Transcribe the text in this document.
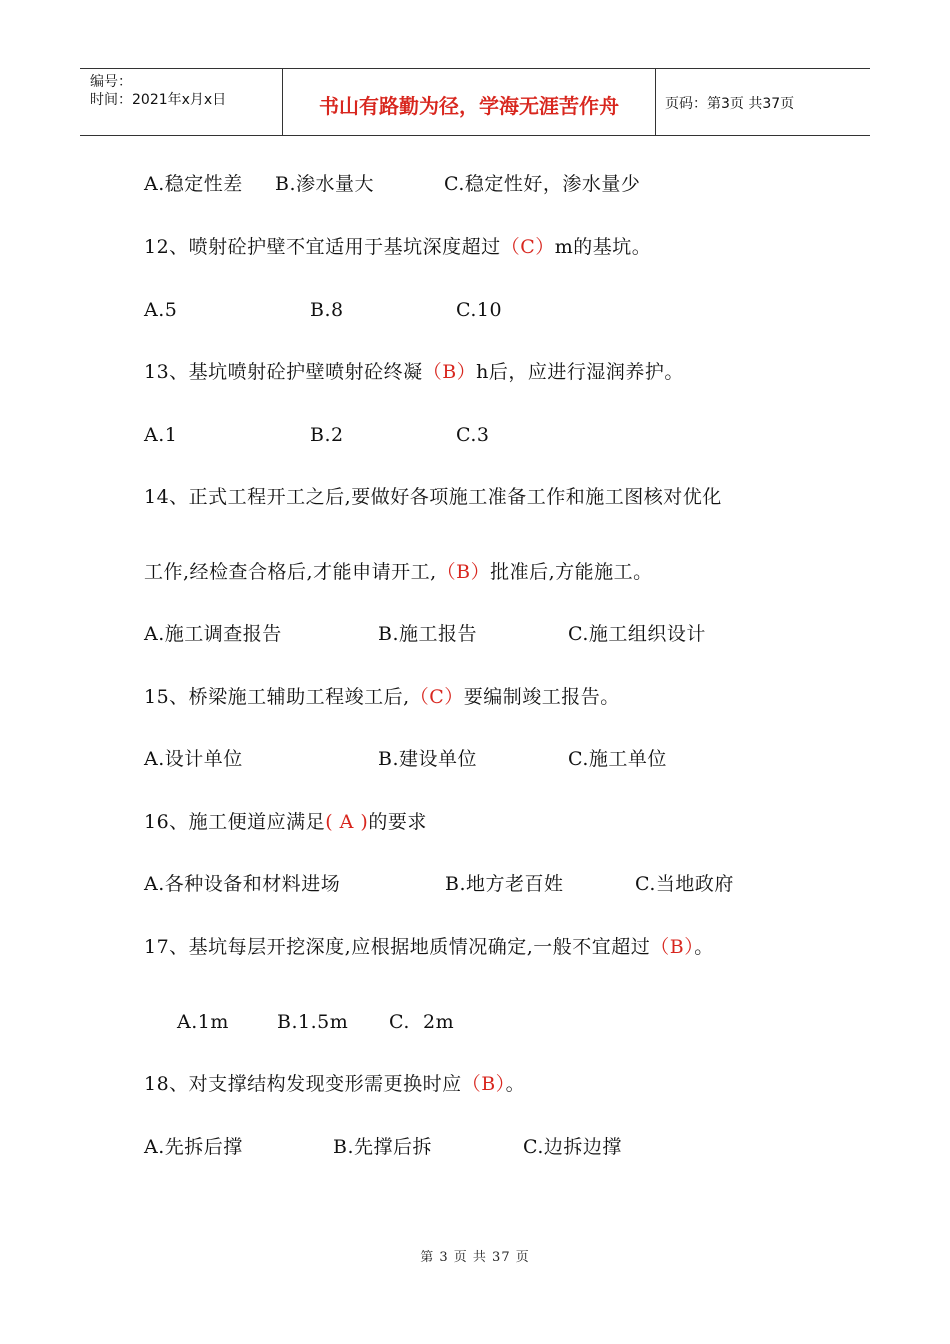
编号：
时间：2021年x月x日	书山有路勤为径，学海无涯苦作舟	页码：第3页 共37页
A.稳定性差 B.渗水量大	C.稳定性好，渗水量少
12、喷射砼护壁不宜适用于基坑深度超过（C）m的基坑。
A.5	B.8	C.10
13、基坑喷射砼护壁喷射砼终凝（B）h后，应进行湿润养护。
A.1	B.2	C.3
14、正式工程开工之后,要做好各项施工准备工作和施工图核对优化
工作,经检查合格后,才能申请开工,（B）批准后,方能施工。
A.施工调查报告	B.施工报告	C.施工组织设计
15、桥梁施工辅助工程竣工后,（C）要编制竣工报告。
A.设计单位	B.建设单位	C.施工单位
16、施工便道应满足( A )的要求
A.各种设备和材料进场	B.地方老百姓	C.当地政府
17、基坑每层开挖深度,应根据地质情况确定,一般不宜超过（B）。
A.1m	B.1.5m C.  2m
18、对支撑结构发现变形需更换时应（B）。
A.先拆后撑	B.先撑后拆	C.边拆边撑
第 3 页 共 37 页
